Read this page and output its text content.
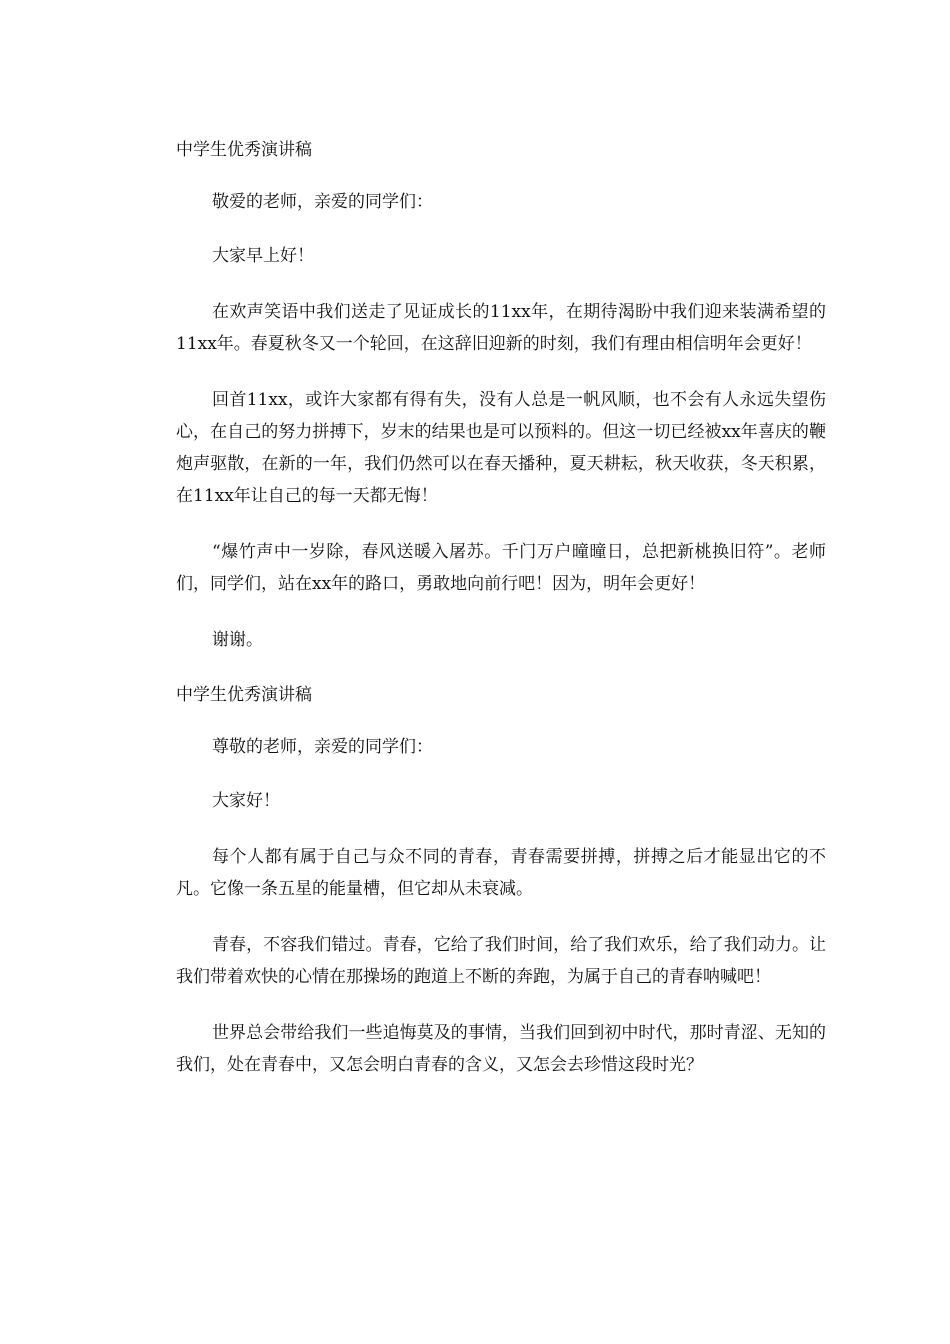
中学生优秀演讲稿

敬爱的老师，亲爱的同学们：

大家早上好！

在欢声笑语中我们送走了见证成长的11xx年，在期待渴盼中我们迎来装满希望的11xx年。春夏秋冬又一个轮回，在这辞旧迎新的时刻，我们有理由相信明年会更好！

回首11xx，或许大家都有得有失，没有人总是一帆风顺，也不会有人永远失望伤心，在自己的努力拼搏下，岁末的结果也是可以预料的。但这一切已经被xx年喜庆的鞭炮声驱散，在新的一年，我们仍然可以在春天播种，夏天耕耘，秋天收获，冬天积累，在11xx年让自己的每一天都无悔！

“爆竹声中一岁除，春风送暖入屠苏。千门万户曈曈日，总把新桃换旧符”。老师们，同学们，站在xx年的路口，勇敢地向前行吧！因为，明年会更好！

谢谢。

中学生优秀演讲稿

尊敬的老师，亲爱的同学们：

大家好！

每个人都有属于自己与众不同的青春，青春需要拼搏，拼搏之后才能显出它的不凡。它像一条五星的能量槽，但它却从未衰减。

青春，不容我们错过。青春，它给了我们时间，给了我们欢乐，给了我们动力。让我们带着欢快的心情在那操场的跑道上不断的奔跑，为属于自己的青春呐喊吧！

世界总会带给我们一些追悔莫及的事情，当我们回到初中时代，那时青涩、无知的我们，处在青春中，又怎会明白青春的含义，又怎会去珍惜这段时光？
